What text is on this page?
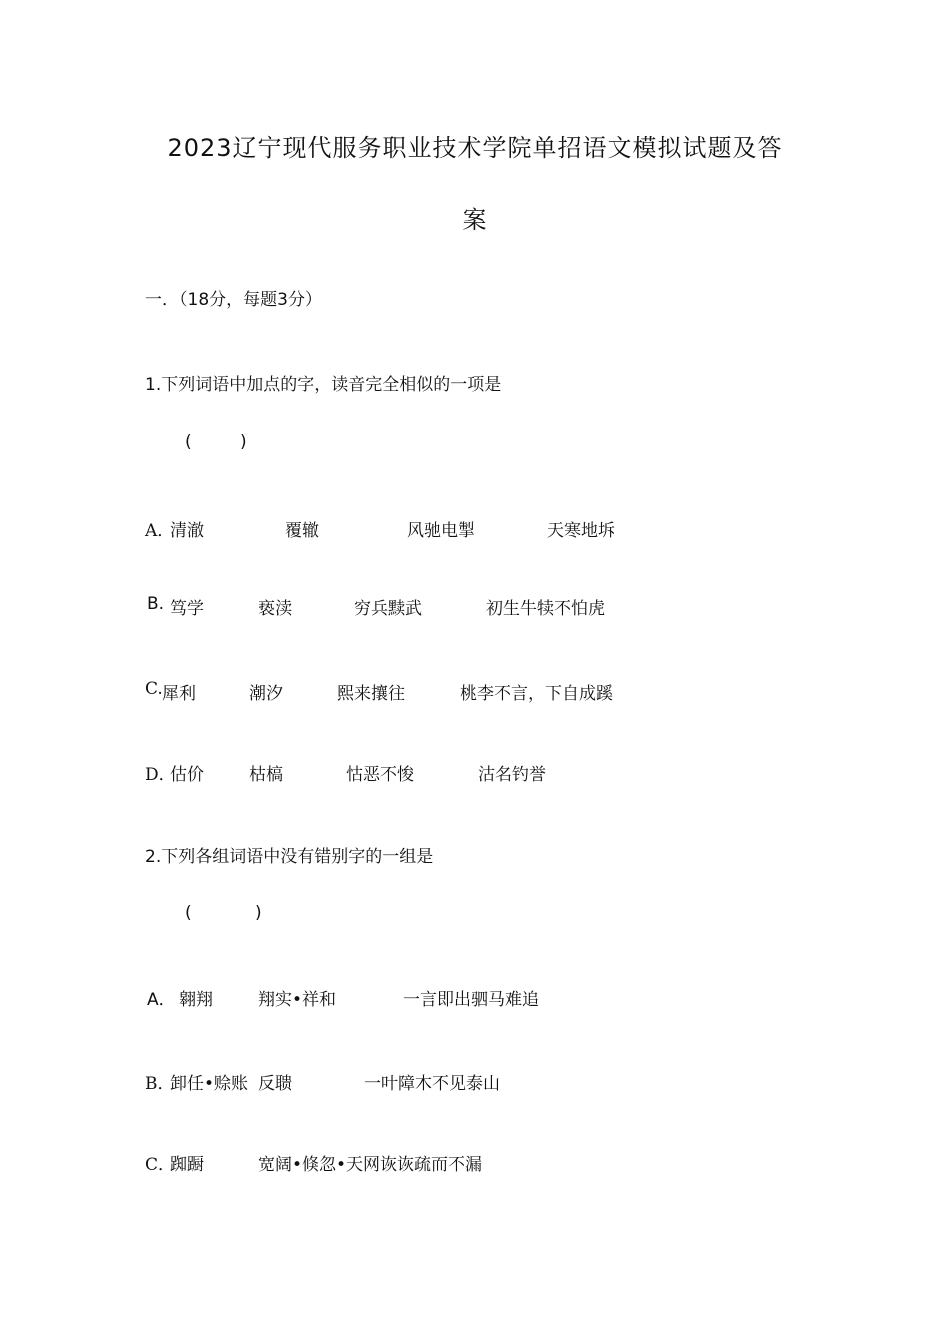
2023辽宁现代服务职业技术学院单招语文模拟试题及答
案
一．（18分，每题3分）
1.下列词语中加点的字，读音完全相似的一项是
(	)
A．
清澈	覆辙	风驰电掣	天寒地坼
B. 笃学	亵渎	穷兵黩武	初生牛犊不怕虎
C. 犀利	潮汐	熙来攘往	桃李不言，下自成蹊
D．
估价	枯槁	怙恶不悛	沽名钓誉
2.下列各组词语中没有错别字的一组是
(	)
A． 翱翔	翔实•祥和	一言即出驷马难追
B．
卸任•赊账 反聩	一叶障木不见泰山
C．
踟蹰	宽阔•倏忽•天网诙诙疏而不漏
